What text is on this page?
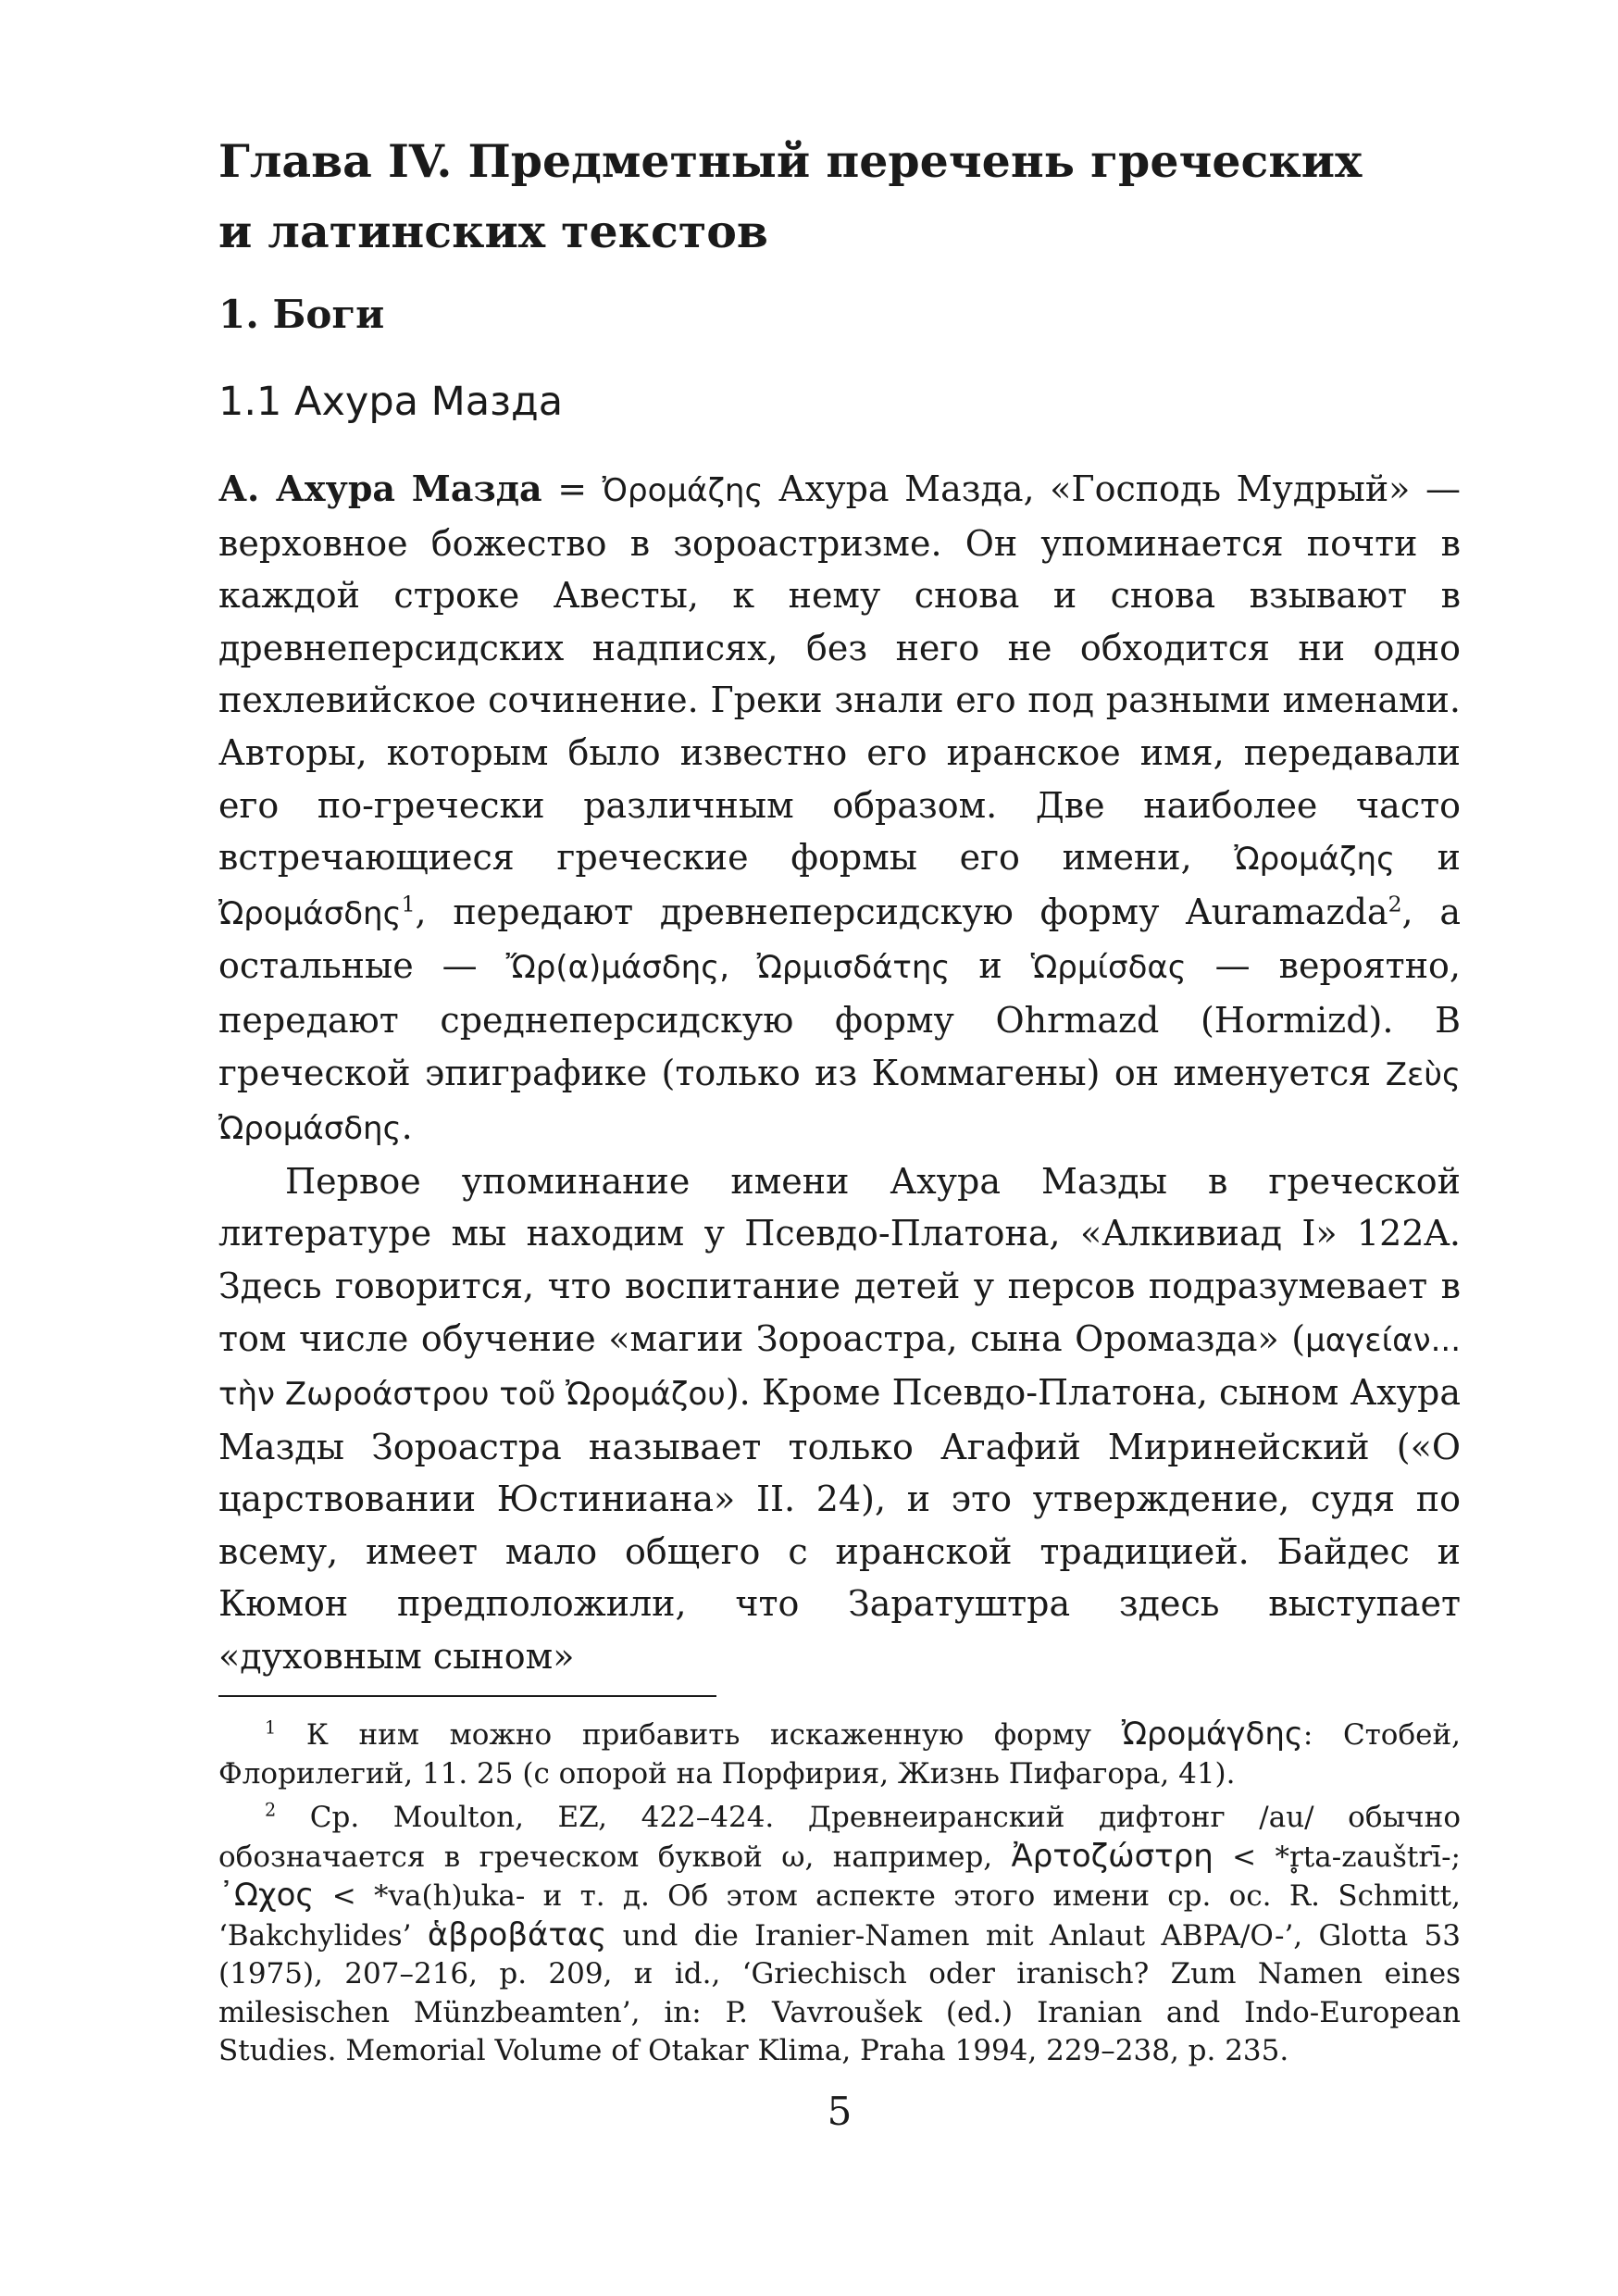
Глава IV. Предметный перечень греческих
и латинских текстов
1. Боги
1.1 Ахура Мазда

А. Ахура Мазда = Ὀρομάζης Ахура Мазда, «Господь Мудрый» — верховное божество в зороастризме. Он упоминается почти в каждой строке Авесты, к нему снова и снова взывают в древнеперсидских надписях, без него не обходится ни одно пехлевийское сочинение. Греки знали его под разными именами. Авторы, которым было известно его иранское имя, передавали его по-гречески различным образом. Две наиболее часто встречающиеся греческие формы его имени, Ὠρομάζης и Ὠρομάσδης$^1$, передают древнеперсидскую форму Auramazda$^2$, а остальные — Ὤρ(α)μάσδης, Ὠρμισδάτης и Ὡρμίσδας — вероятно, передают среднеперсидскую форму Ohrmazd (Hormizd). В греческой эпиграфике (только из Коммагены) он именуется Ζεὺς Ὠρομάσδης.

Первое упоминание имени Ахура Мазды в греческой литературе мы находим у Псевдо-Платона, «Алкивиад I» 122A. Здесь говорится, что воспитание детей у персов подразумевает в том числе обучение «магии Зороастра, сына Оромазда» (μαγείαν... τὴν Ζωροάστρου τοῦ Ὠρομάζου). Кроме Псевдо-Платона, сыном Ахура Мазды Зороастра называет только Агафий Миринейский («О царствовании Юстиниана» II. 24), и это утверждение, судя по всему, имеет мало общего с иранской традицией. Байдес и Кюмон предположили, что Заратуштра здесь выступает «духовным сыном»

$^1$ К ним можно прибавить искаженную форму Ὠρομάγδης: Стобей, Флорилегий, 11. 25 (с опорой на Порфирия, Жизнь Пифагора, 41).

$^2$ Ср. Moulton, EZ, 422–424. Древнеиранский дифтонг /au/ обычно обозначается в греческом буквой ω, например, Ἀρτοζώστρη < *r̥ta-zauštrī-; ᾿Ωχος < *va(h)uka- и т. д. Об этом аспекте этого имени ср. ос. R. Schmitt, ‘Bakchylides’ ἁβροβάτας und die Iranier-Namen mit Anlaut ABPA/O-’, Glotta 53 (1975), 207–216, p. 209, и id., ‘Griechisch oder iranisch? Zum Namen eines milesischen Münzbeamten’, in: P. Vavroušek (ed.) Iranian and Indo-European Studies. Memorial Volume of Otakar Klima, Praha 1994, 229–238, p. 235.

5
